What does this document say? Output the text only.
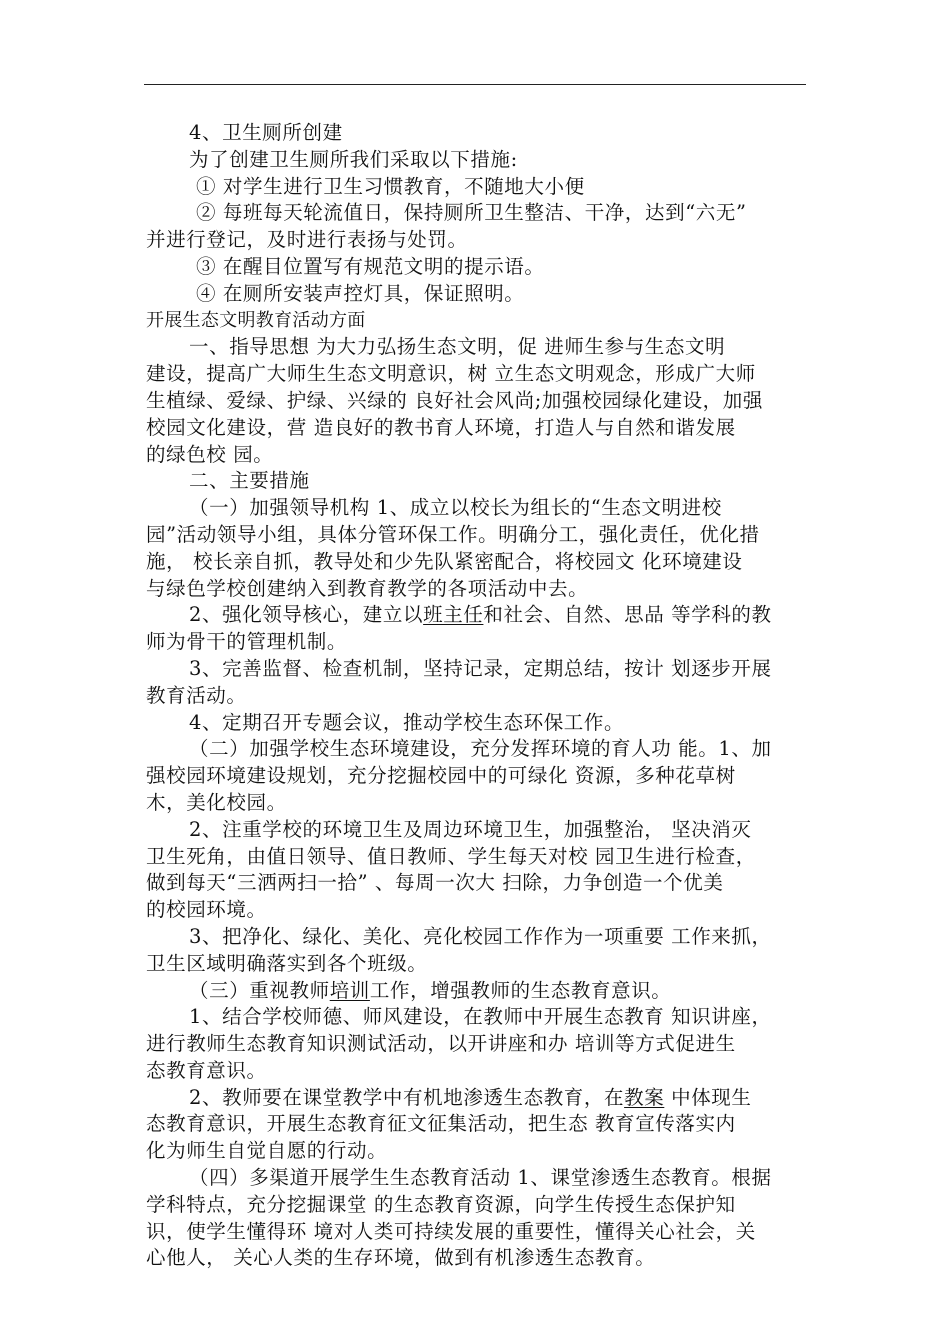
4、卫生厕所创建
为了创建卫生厕所我们采取以下措施:
① 对学生进行卫生习惯教育，不随地大小便
② 每班每天轮流值日，保持厕所卫生整洁、干净，达到“六无”
并进行登记，及时进行表扬与处罚。
③ 在醒目位置写有规范文明的提示语。
④ 在厕所安装声控灯具，保证照明。
开展生态文明教育活动方面
一、指导思想 为大力弘扬生态文明，促 进师生参与生态文明
建设，提高广大师生生态文明意识，树 立生态文明观念，形成广大师
生植绿、爱绿、护绿、兴绿的 良好社会风尚;加强校园绿化建设，加强
校园文化建设，营 造良好的教书育人环境，打造人与自然和谐发展
的绿色校 园。
二、主要措施
（一）加强领导机构 1、成立以校长为组长的“生态文明进校
园”活动领导小组，具体分管环保工作。明确分工，强化责任，优化措
施， 校长亲自抓，教导处和少先队紧密配合，将校园文 化环境建设
与绿色学校创建纳入到教育教学的各项活动中去。
2、强化领导核心，建立以班主任和社会、自然、思品 等学科的教
师为骨干的管理机制。
3、完善监督、检查机制，坚持记录，定期总结，按计 划逐步开展
教育活动。
4、定期召开专题会议，推动学校生态环保工作。
（二）加强学校生态环境建设，充分发挥环境的育人功 能。1、加
强校园环境建设规划，充分挖掘校园中的可绿化 资源，多种花草树
木，美化校园。
2、注重学校的环境卫生及周边环境卫生，加强整治， 坚决消灭
卫生死角，由值日领导、值日教师、学生每天对校 园卫生进行检查，
做到每天“三洒两扫一拾” 、每周一次大 扫除，力争创造一个优美
的校园环境。
3、把净化、绿化、美化、亮化校园工作作为一项重要 工作来抓，
卫生区域明确落实到各个班级。
（三）重视教师培训工作，增强教师的生态教育意识。
1、结合学校师德、师风建设，在教师中开展生态教育 知识讲座，
进行教师生态教育知识测试活动，以开讲座和办 培训等方式促进生
态教育意识。
2、教师要在课堂教学中有机地渗透生态教育，在教案 中体现生
态教育意识，开展生态教育征文征集活动，把生态 教育宣传落实内
化为师生自觉自愿的行动。
（四）多渠道开展学生生态教育活动 1、课堂渗透生态教育。根据
学科特点，充分挖掘课堂 的生态教育资源，向学生传授生态保护知
识，使学生懂得环 境对人类可持续发展的重要性，懂得关心社会，关
心他人， 关心人类的生存环境，做到有机渗透生态教育。
